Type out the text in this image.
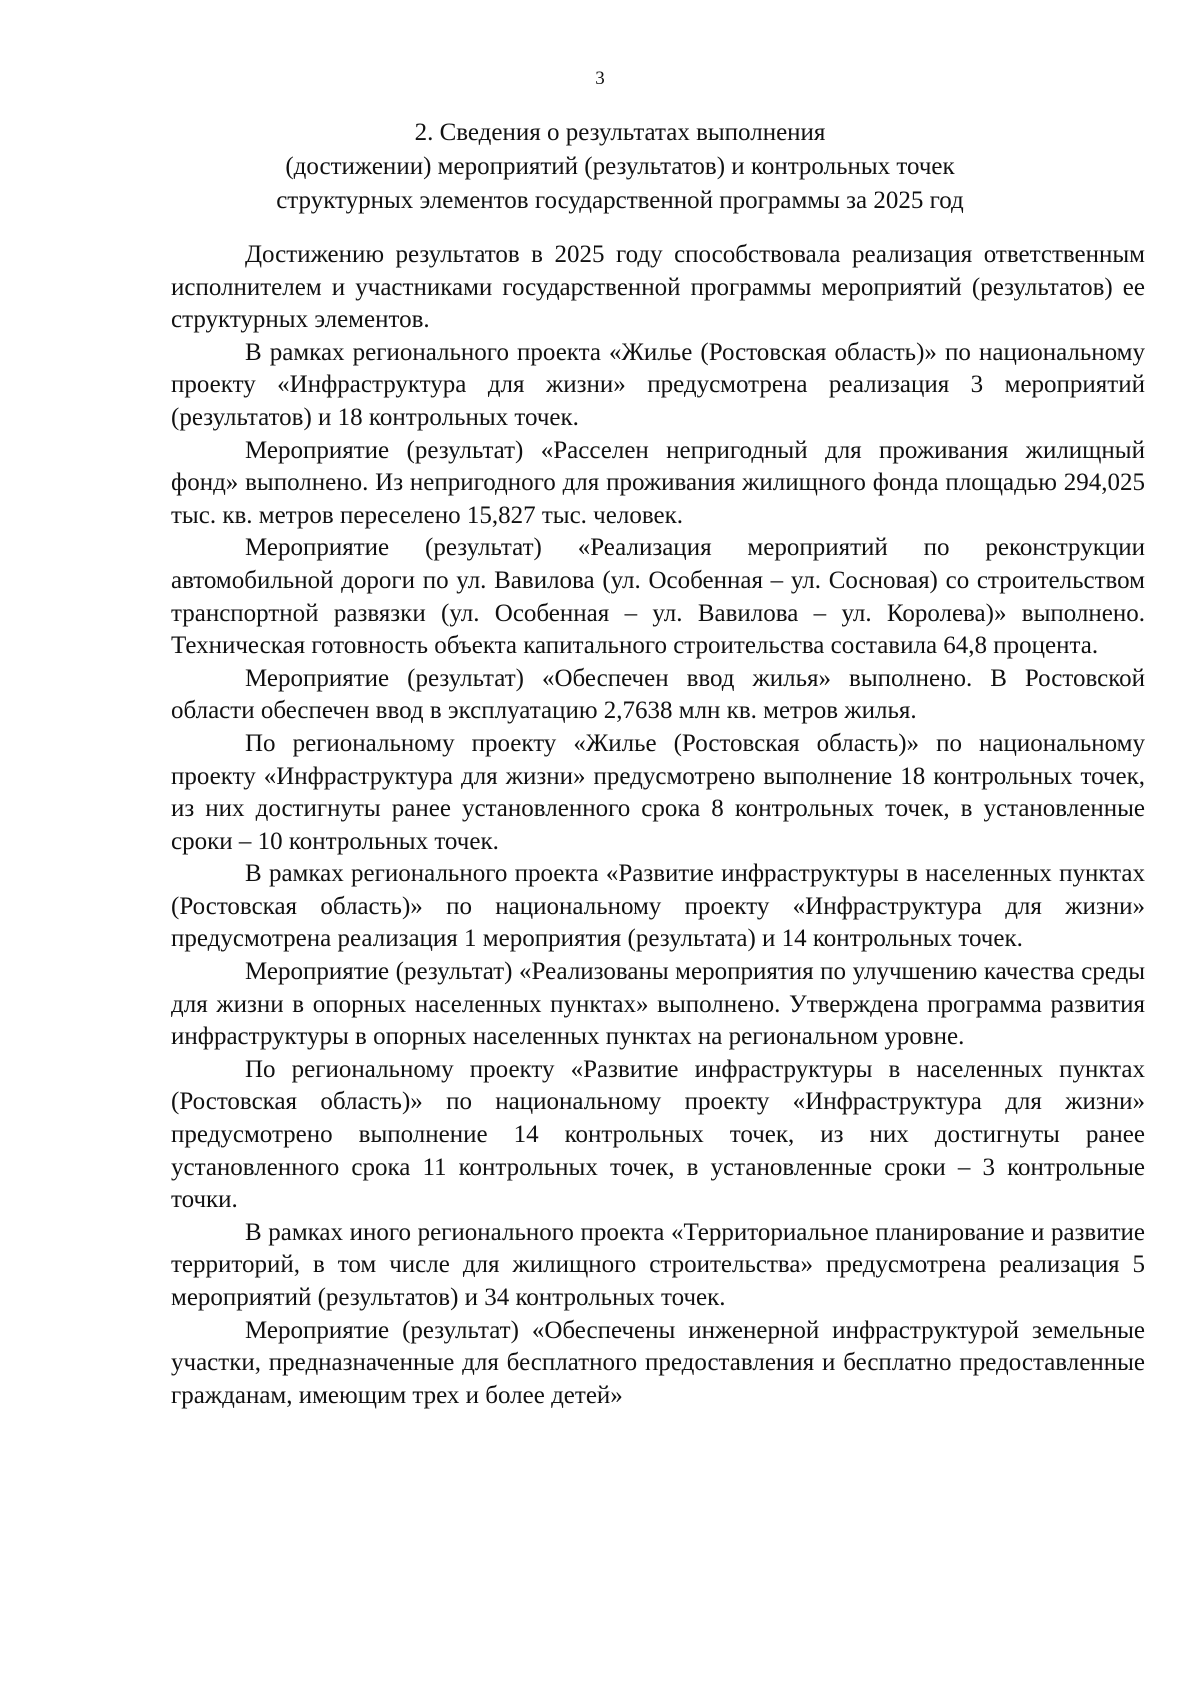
3
2. Сведения о результатах выполнения
(достижении) мероприятий (результатов) и контрольных точек
структурных элементов государственной программы за 2025 год

Достижению результатов в 2025 году способствовала реализация ответственным исполнителем и участниками государственной программы мероприятий (результатов) ее структурных элементов.

В рамках регионального проекта «Жилье (Ростовская область)» по национальному проекту «Инфраструктура для жизни» предусмотрена реализация 3 мероприятий (результатов) и 18 контрольных точек.

Мероприятие (результат) «Расселен непригодный для проживания жилищный фонд» выполнено. Из непригодного для проживания жилищного фонда площадью 294,025 тыс. кв. метров переселено 15,827 тыс. человек.

Мероприятие (результат) «Реализация мероприятий по реконструкции автомобильной дороги по ул. Вавилова (ул. Особенная – ул. Сосновая) со строительством транспортной развязки (ул. Особенная – ул. Вавилова – ул. Королева)» выполнено. Техническая готовность объекта капитального строительства составила 64,8 процента.

Мероприятие (результат) «Обеспечен ввод жилья» выполнено. В Ростовской области обеспечен ввод в эксплуатацию 2,7638 млн кв. метров жилья.

По региональному проекту «Жилье (Ростовская область)» по национальному проекту «Инфраструктура для жизни» предусмотрено выполнение 18 контрольных точек, из них достигнуты ранее установленного срока 8 контрольных точек, в установленные сроки – 10 контрольных точек.

В рамках регионального проекта «Развитие инфраструктуры в населенных пунктах (Ростовская область)» по национальному проекту «Инфраструктура для жизни» предусмотрена реализация 1 мероприятия (результата) и 14 контрольных точек.

Мероприятие (результат) «Реализованы мероприятия по улучшению качества среды для жизни в опорных населенных пунктах» выполнено. Утверждена программа развития инфраструктуры в опорных населенных пунктах на региональном уровне.

По региональному проекту «Развитие инфраструктуры в населенных пунктах (Ростовская область)» по национальному проекту «Инфраструктура для жизни» предусмотрено выполнение 14 контрольных точек, из них достигнуты ранее установленного срока 11 контрольных точек, в установленные сроки – 3 контрольные точки.

В рамках иного регионального проекта «Территориальное планирование и развитие территорий, в том числе для жилищного строительства» предусмотрена реализация 5 мероприятий (результатов) и 34 контрольных точек.

Мероприятие (результат) «Обеспечены инженерной инфраструктурой земельные участки, предназначенные для бесплатного предоставления и бесплатно предоставленные гражданам, имеющим трех и более детей»
